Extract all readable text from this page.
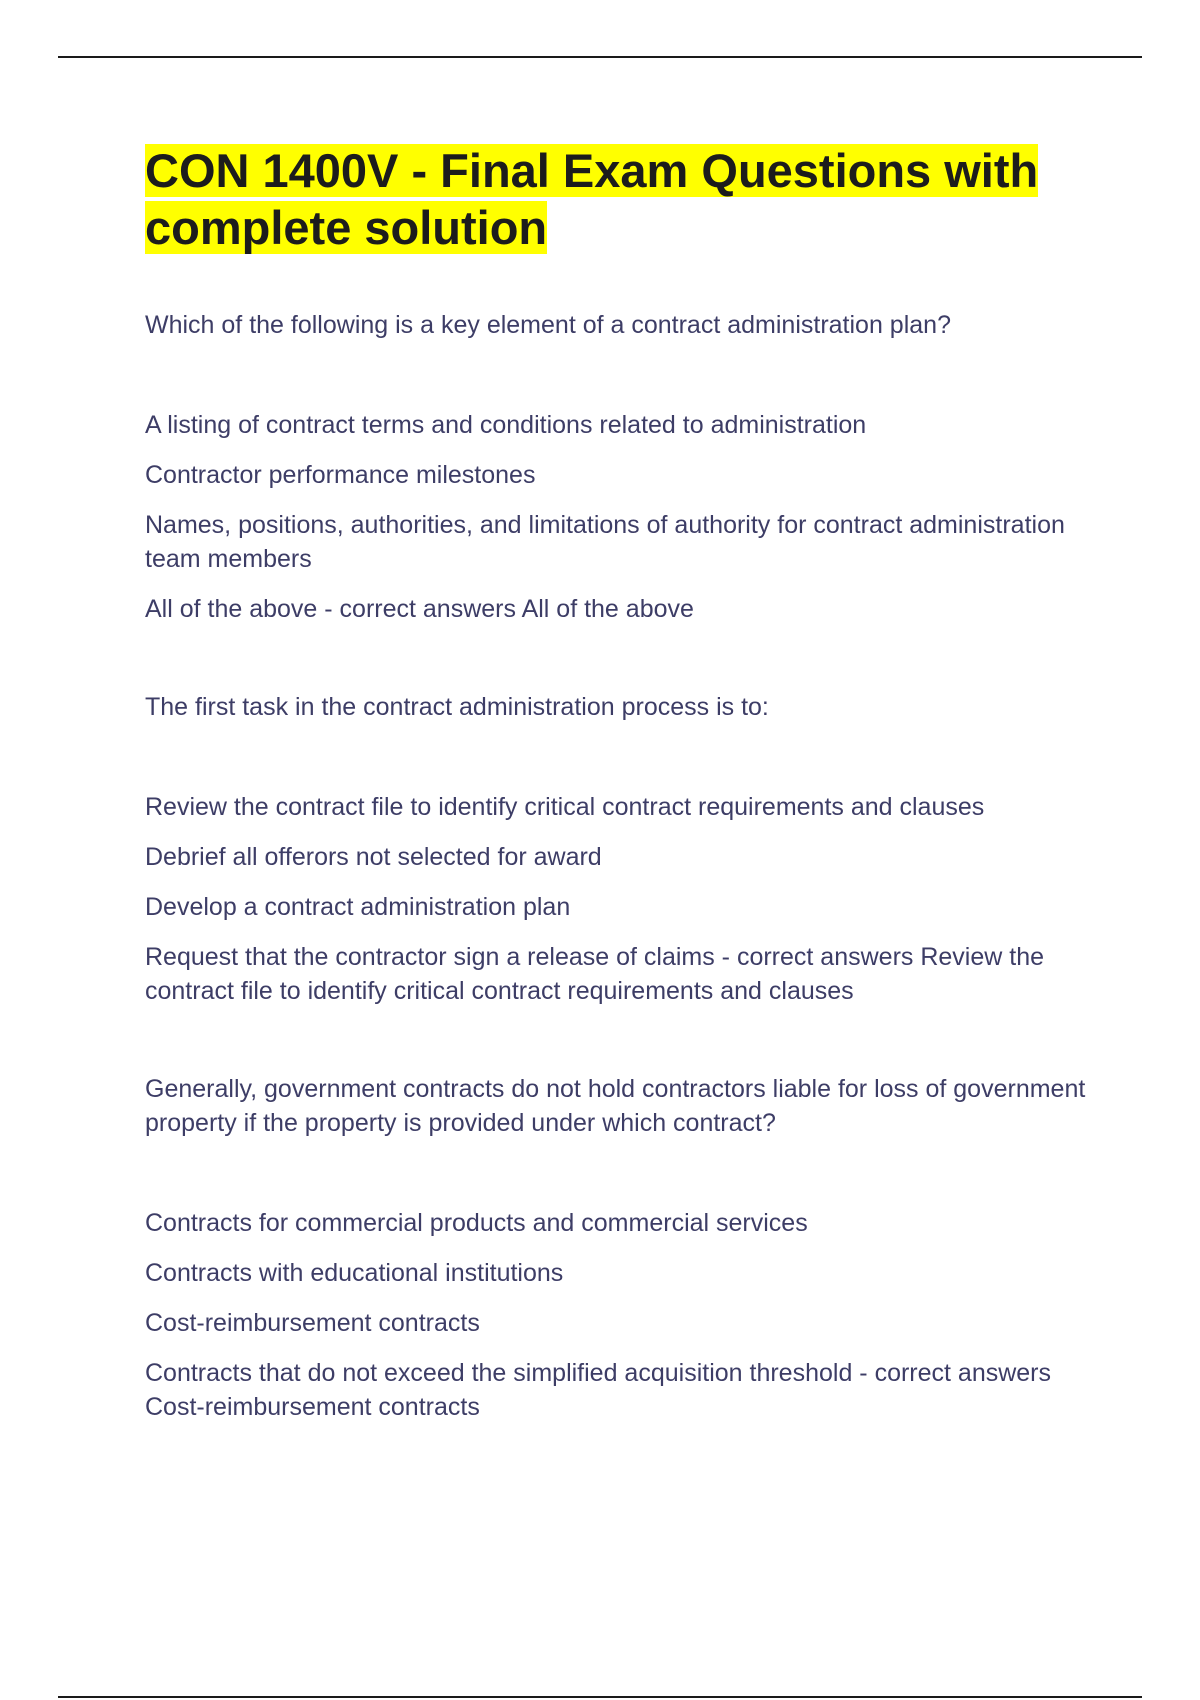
CON 1400V - Final Exam Questions with complete solution

Which of the following is a key element of a contract administration plan?

A listing of contract terms and conditions related to administration
Contractor performance milestones
Names, positions, authorities, and limitations of authority for contract administration team members
All of the above - correct answers All of the above

The first task in the contract administration process is to:

Review the contract file to identify critical contract requirements and clauses
Debrief all offerors not selected for award
Develop a contract administration plan
Request that the contractor sign a release of claims - correct answers Review the contract file to identify critical contract requirements and clauses

Generally, government contracts do not hold contractors liable for loss of government property if the property is provided under which contract?

Contracts for commercial products and commercial services
Contracts with educational institutions
Cost-reimbursement contracts
Contracts that do not exceed the simplified acquisition threshold - correct answers Cost-reimbursement contracts
